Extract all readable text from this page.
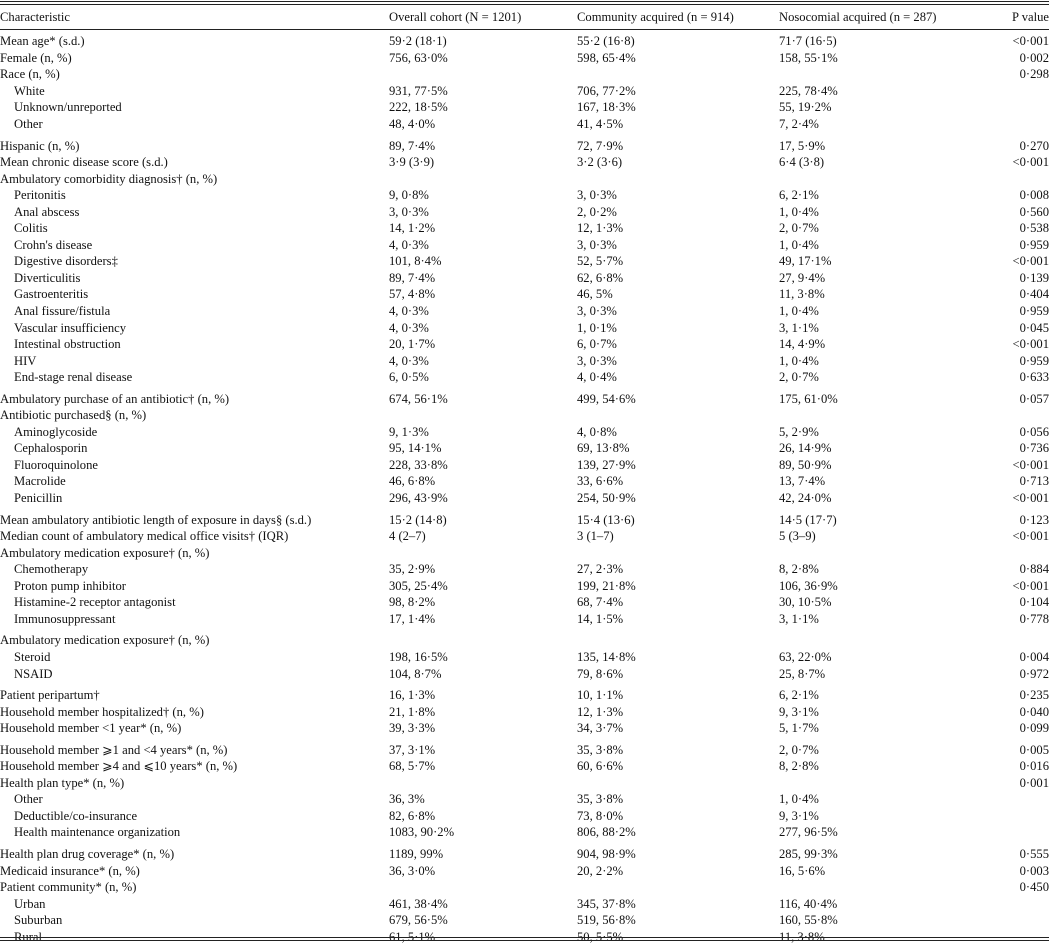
Characteristic	Overall cohort (N = 1201)	Community acquired (n = 914)	Nosocomial acquired (n = 287)	P value
Mean age* (s.d.)	59·2 (18·1)	55·2 (16·8)	71·7 (16·5)	<0·001
Female (n, %)	756, 63·0%	598, 65·4%	158, 55·1%	0·002
Race (n, %)				0·298
White	931, 77·5%	706, 77·2%	225, 78·4%	
Unknown/unreported	222, 18·5%	167, 18·3%	55, 19·2%	
Other	48, 4·0%	41, 4·5%	7, 2·4%	
Hispanic (n, %)	89, 7·4%	72, 7·9%	17, 5·9%	0·270
Mean chronic disease score (s.d.)	3·9 (3·9)	3·2 (3·6)	6·4 (3·8)	<0·001
Ambulatory comorbidity diagnosis† (n, %)				
Peritonitis	9, 0·8%	3, 0·3%	6, 2·1%	0·008
Anal abscess	3, 0·3%	2, 0·2%	1, 0·4%	0·560
Colitis	14, 1·2%	12, 1·3%	2, 0·7%	0·538
Crohn's disease	4, 0·3%	3, 0·3%	1, 0·4%	0·959
Digestive disorders‡	101, 8·4%	52, 5·7%	49, 17·1%	<0·001
Diverticulitis	89, 7·4%	62, 6·8%	27, 9·4%	0·139
Gastroenteritis	57, 4·8%	46, 5%	11, 3·8%	0·404
Anal fissure/fistula	4, 0·3%	3, 0·3%	1, 0·4%	0·959
Vascular insufficiency	4, 0·3%	1, 0·1%	3, 1·1%	0·045
Intestinal obstruction	20, 1·7%	6, 0·7%	14, 4·9%	<0·001
HIV	4, 0·3%	3, 0·3%	1, 0·4%	0·959
End-stage renal disease	6, 0·5%	4, 0·4%	2, 0·7%	0·633
Ambulatory purchase of an antibiotic† (n, %)	674, 56·1%	499, 54·6%	175, 61·0%	0·057
Antibiotic purchased§ (n, %)				
Aminoglycoside	9, 1·3%	4, 0·8%	5, 2·9%	0·056
Cephalosporin	95, 14·1%	69, 13·8%	26, 14·9%	0·736
Fluoroquinolone	228, 33·8%	139, 27·9%	89, 50·9%	<0·001
Macrolide	46, 6·8%	33, 6·6%	13, 7·4%	0·713
Penicillin	296, 43·9%	254, 50·9%	42, 24·0%	<0·001
Mean ambulatory antibiotic length of exposure in days§ (s.d.)	15·2 (14·8)	15·4 (13·6)	14·5 (17·7)	0·123
Median count of ambulatory medical office visits† (IQR)	4 (2–7)	3 (1–7)	5 (3–9)	<0·001
Ambulatory medication exposure† (n, %)				
Chemotherapy	35, 2·9%	27, 2·3%	8, 2·8%	0·884
Proton pump inhibitor	305, 25·4%	199, 21·8%	106, 36·9%	<0·001
Histamine-2 receptor antagonist	98, 8·2%	68, 7·4%	30, 10·5%	0·104
Immunosuppressant	17, 1·4%	14, 1·5%	3, 1·1%	0·778
Ambulatory medication exposure† (n, %)				
Steroid	198, 16·5%	135, 14·8%	63, 22·0%	0·004
NSAID	104, 8·7%	79, 8·6%	25, 8·7%	0·972
Patient peripartum†	16, 1·3%	10, 1·1%	6, 2·1%	0·235
Household member hospitalized† (n, %)	21, 1·8%	12, 1·3%	9, 3·1%	0·040
Household member <1 year* (n, %)	39, 3·3%	34, 3·7%	5, 1·7%	0·099
Household member ⩾1 and <4 years* (n, %)	37, 3·1%	35, 3·8%	2, 0·7%	0·005
Household member ⩾4 and ⩽10 years* (n, %)	68, 5·7%	60, 6·6%	8, 2·8%	0·016
Health plan type* (n, %)				0·001
Other	36, 3%	35, 3·8%	1, 0·4%	
Deductible/co-insurance	82, 6·8%	73, 8·0%	9, 3·1%	
Health maintenance organization	1083, 90·2%	806, 88·2%	277, 96·5%	
Health plan drug coverage* (n, %)	1189, 99%	904, 98·9%	285, 99·3%	0·555
Medicaid insurance* (n, %)	36, 3·0%	20, 2·2%	16, 5·6%	0·003
Patient community* (n, %)				0·450
Urban	461, 38·4%	345, 37·8%	116, 40·4%	
Suburban	679, 56·5%	519, 56·8%	160, 55·8%	
Rural	61, 5·1%	50, 5·5%	11, 3·8%	
